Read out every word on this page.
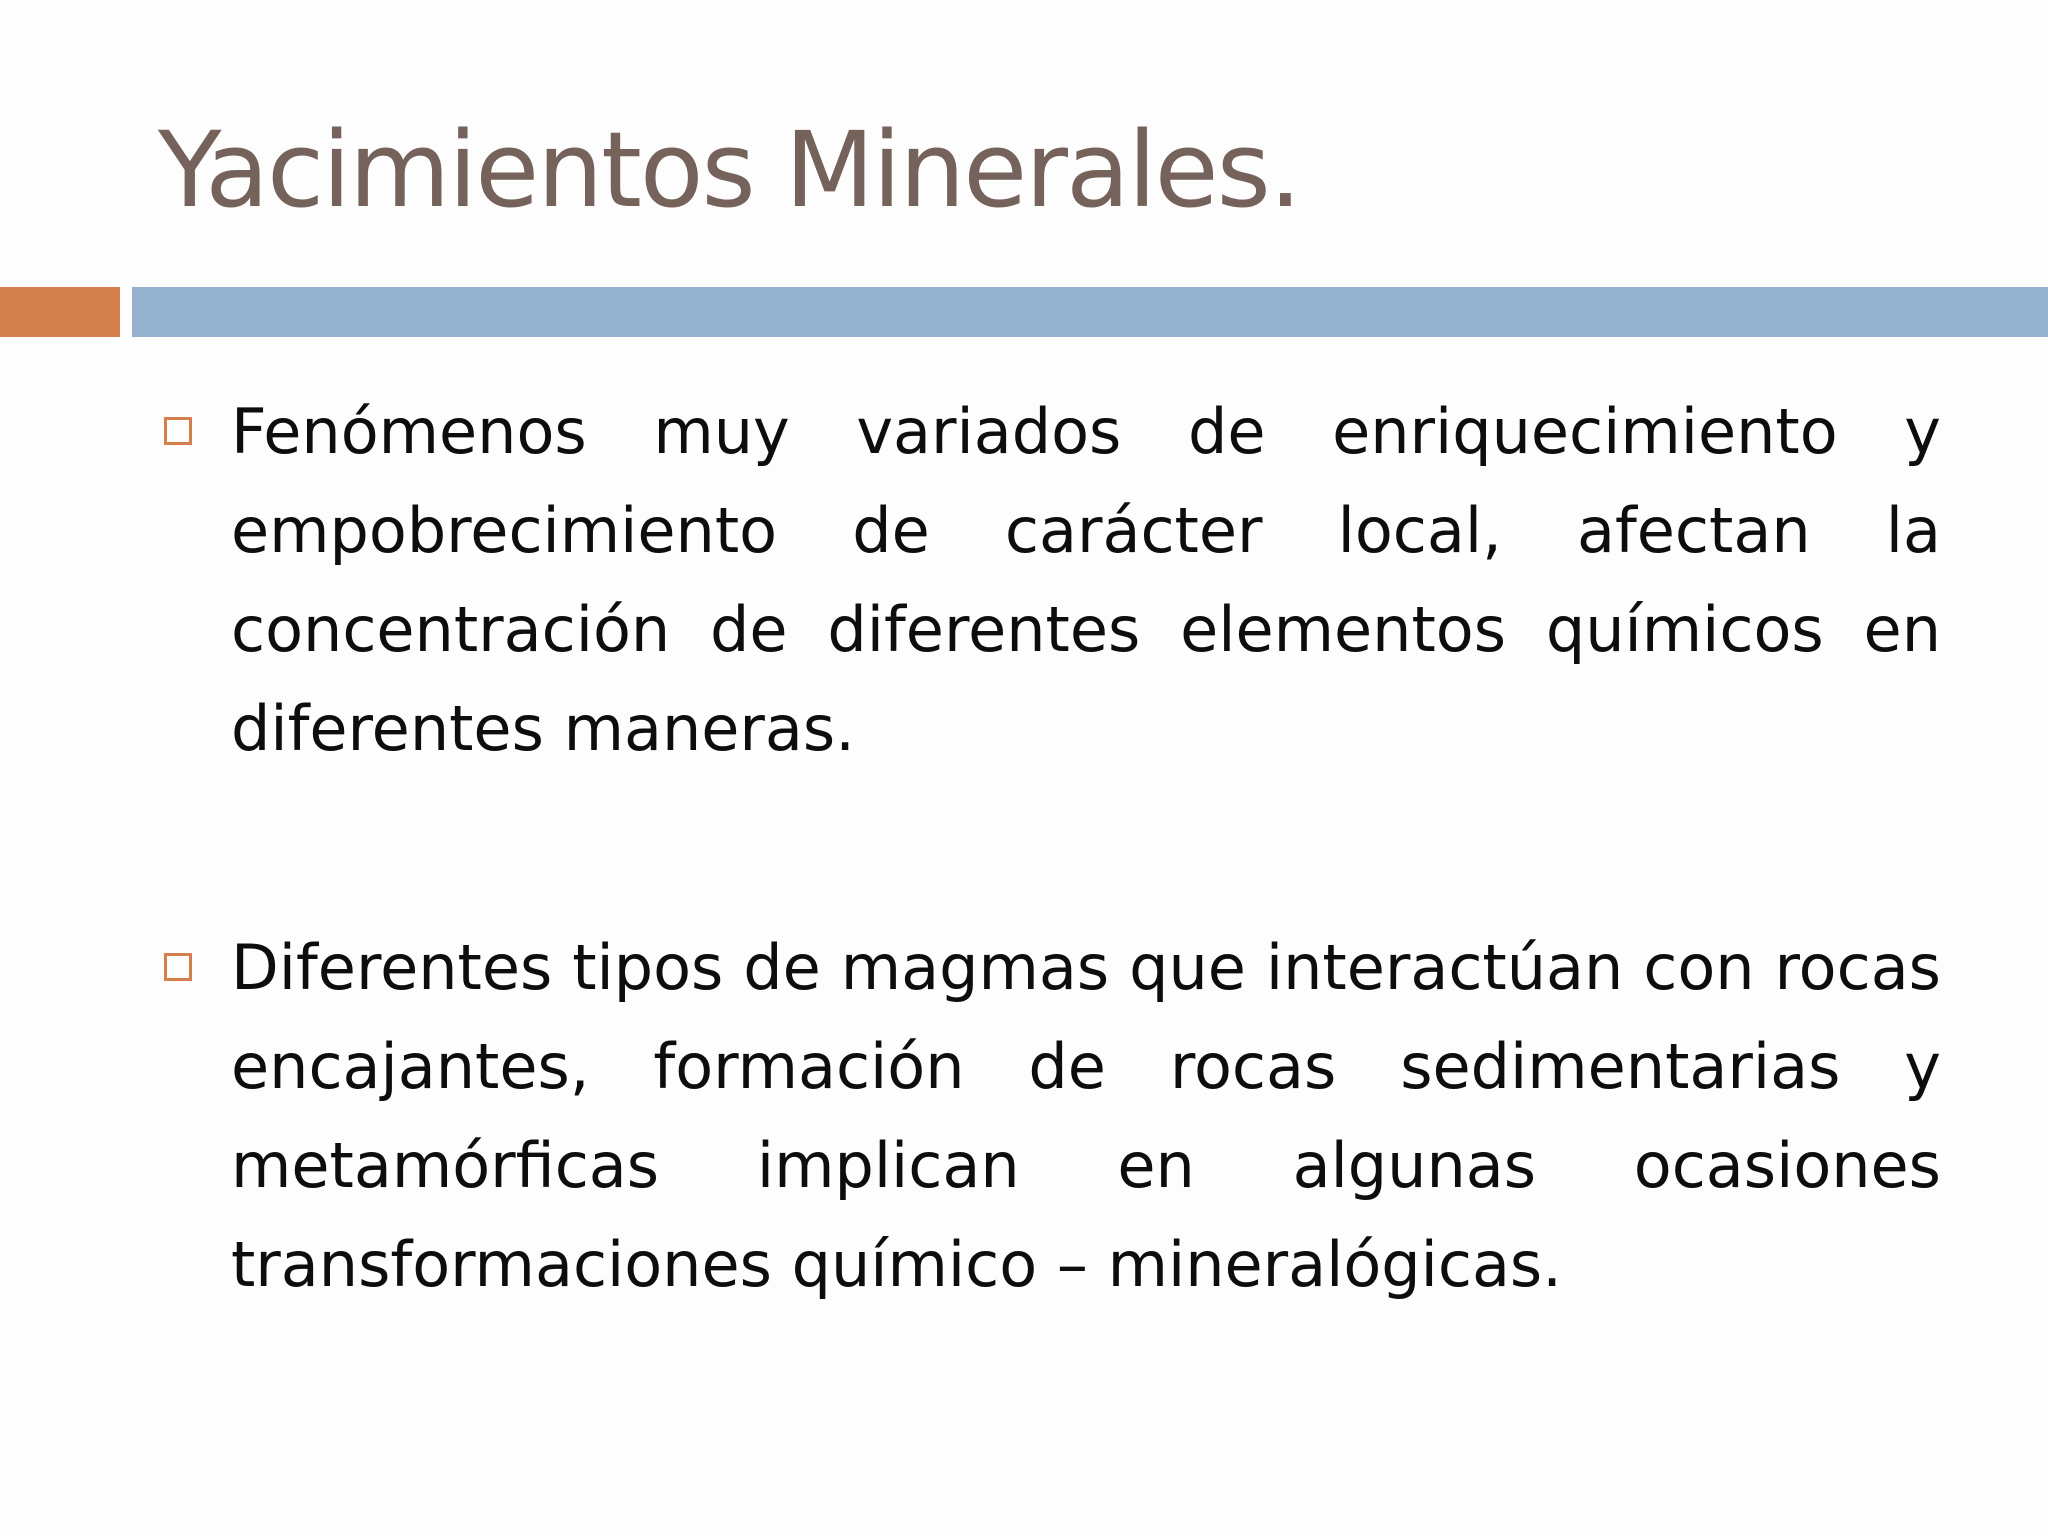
Yacimientos Minerales.

Fenómenos muy variados de enriquecimiento y empobrecimiento de carácter local, afectan la concentración de diferentes elementos químicos en diferentes maneras.

Diferentes tipos de magmas que interactúan con rocas encajantes, formación de rocas sedimentarias y metamórficas implican en algunas ocasiones transformaciones químico – mineralógicas.
